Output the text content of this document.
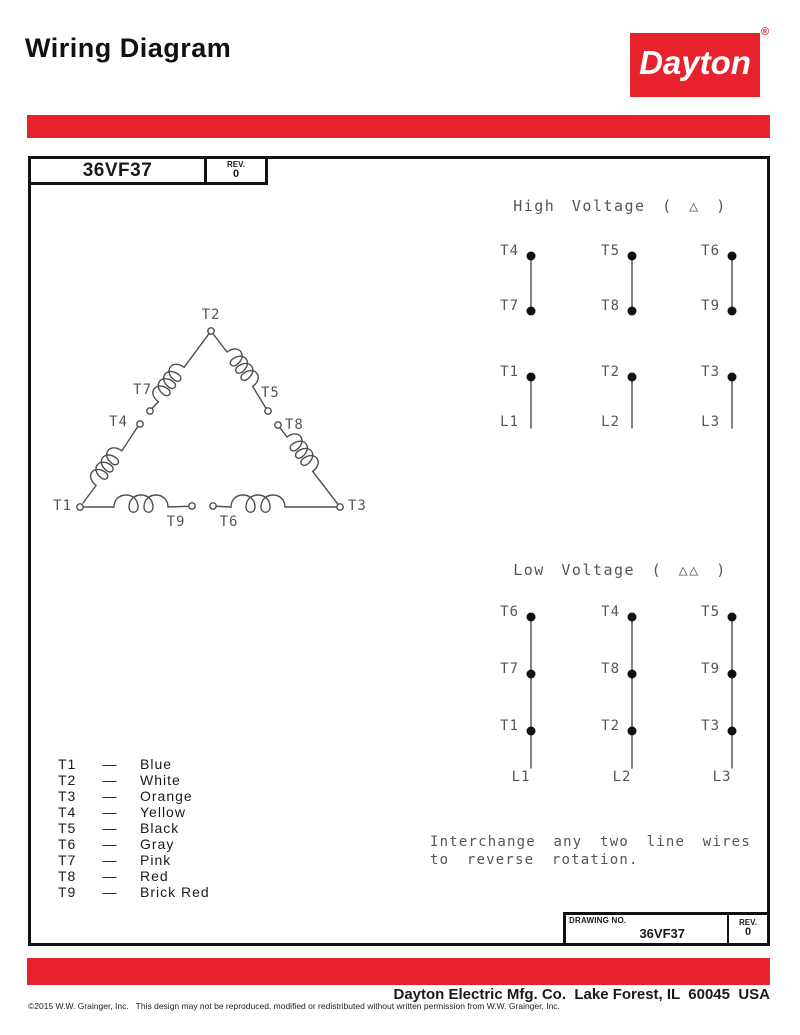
Wiring Diagram	Dayton
®
36VF37	REV.
0
T2
T1	T3
T4
T7	T5
T8
T9	T6
High Voltage ( △ )
T4
T7
T1
L1
T5
T8
T2
L2
T6
T9
T3
L3
Low Voltage ( △△ )
T6
T7
T1
L1
T4
T8
T2
L2
T5
T9
T3
L3
T1	—	Blue
T2	—	White
T3	—	Orange
T4	—	Yellow
T5	—	Black
T6	—	Gray
T7	—	Pink
T8	—	Red
T9	—	Brick Red
Interchange any two line wires
to reverse rotation.
DRAWING NO.
36VF37
REV.
0
Dayton Electric Mfg. Co.  Lake Forest, IL  60045  USA
©2015 W.W. Grainger, Inc.   This design may not be reproduced, modified or redistributed without written permission from W.W. Grainger, Inc.
